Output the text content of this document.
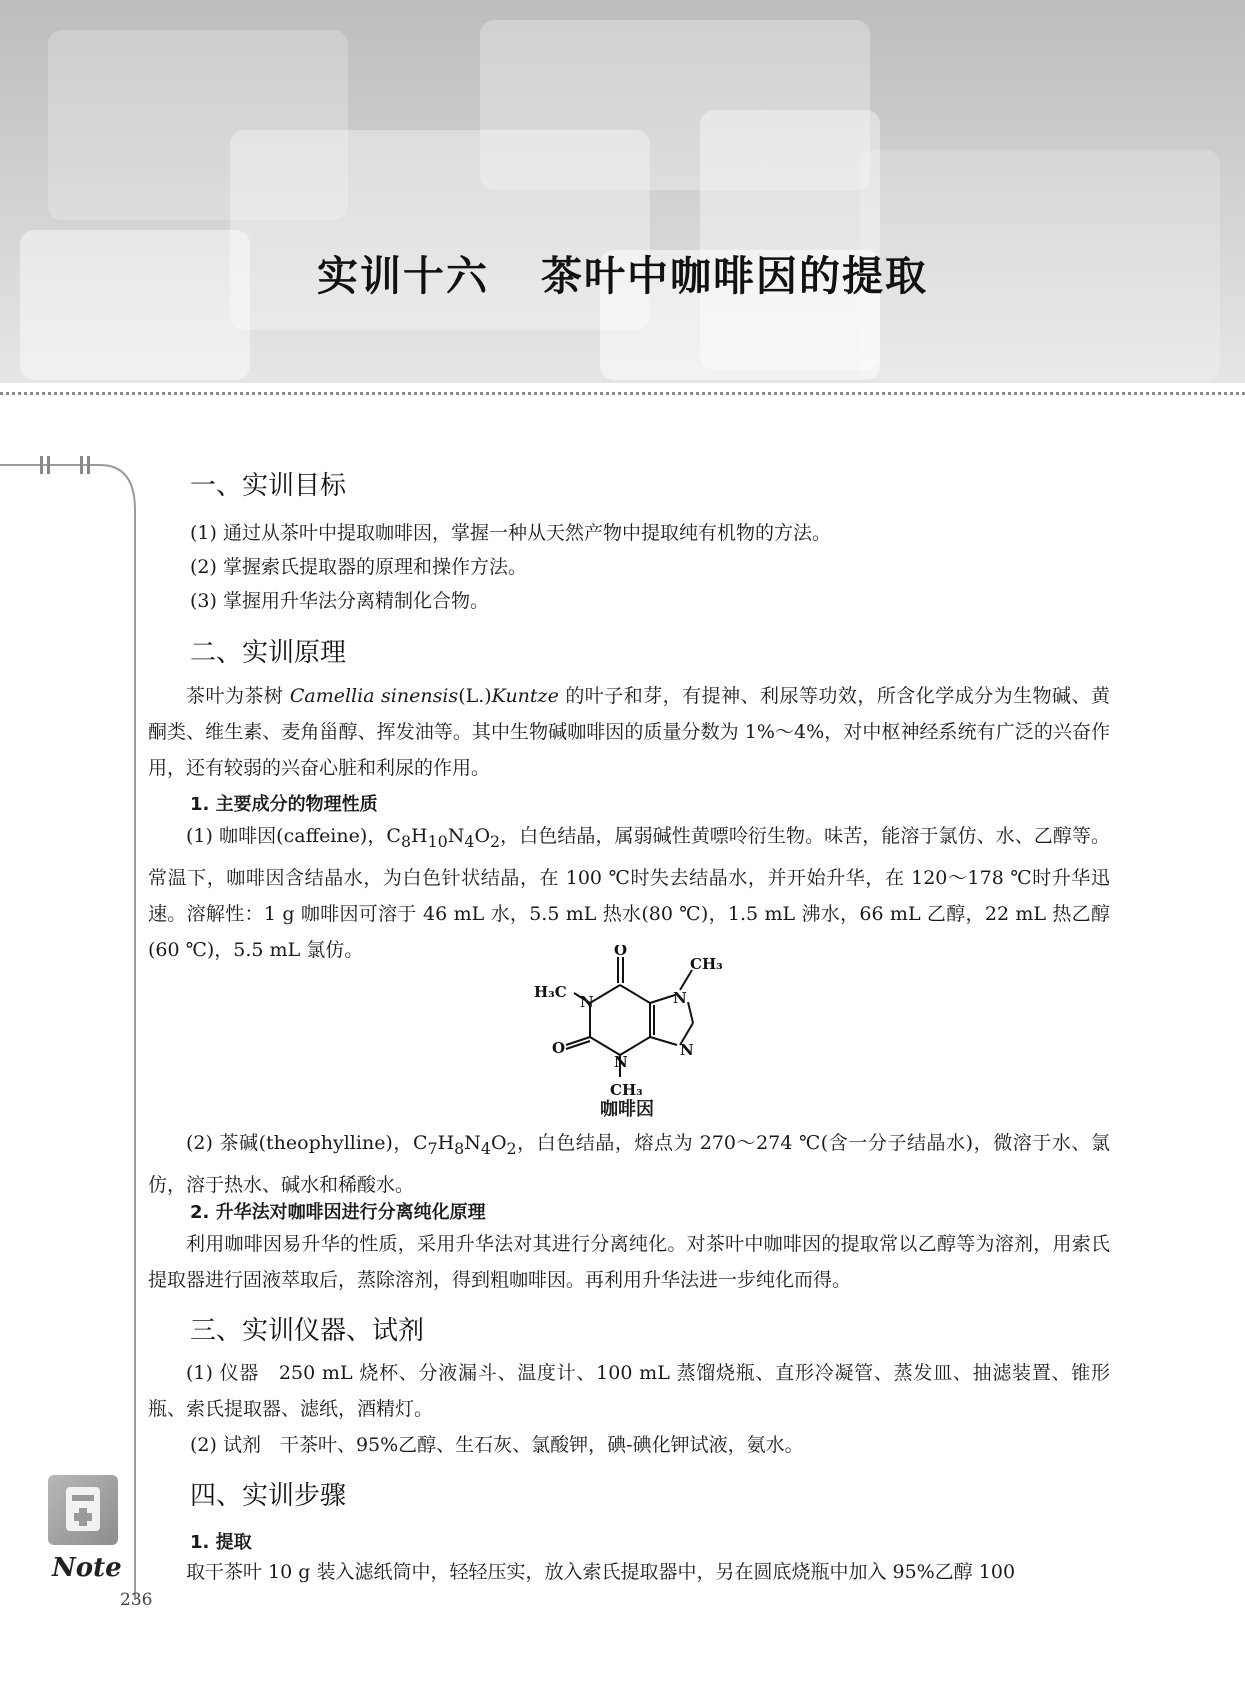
实训十六 茶叶中咖啡因的提取
Note
236
一、实训目标
(1) 通过从茶叶中提取咖啡因，掌握一种从天然产物中提取纯有机物的方法。
(2) 掌握索氏提取器的原理和操作方法。
(3) 掌握用升华法分离精制化合物。
二、实训原理
茶叶为茶树 Camellia sinensis(L.)Kuntze 的叶子和芽，有提神、利尿等功效，所含化学成分为生物碱、黄酮类、维生素、麦角甾醇、挥发油等。其中生物碱咖啡因的质量分数为 1%～4%，对中枢神经系统有广泛的兴奋作用，还有较弱的兴奋心脏和利尿的作用。
1. 主要成分的物理性质
(1) 咖啡因(caffeine)，$C_8H_{10}N_4O_2$，白色结晶，属弱碱性黄嘌呤衍生物。味苦，能溶于氯仿、水、乙醇等。常温下，咖啡因含结晶水，为白色针状结晶，在 100 ℃时失去结晶水，并开始升华，在 120～178 ℃时升华迅速。溶解性：1 g 咖啡因可溶于 46 mL 水，5.5 mL 热水(80 ℃)，1.5 mL 沸水，66 mL 乙醇，22 mL 热乙醇(60 ℃)，5.5 mL 氯仿。	O
CH₃
H₃C
N	N
N
N
O
CH₃
咖啡因
(2) 茶碱(theophylline)，$C_7H_8N_4O_2$，白色结晶，熔点为 270～274 ℃(含一分子结晶水)，微溶于水、氯仿，溶于热水、碱水和稀酸水。
2. 升华法对咖啡因进行分离纯化原理
利用咖啡因易升华的性质，采用升华法对其进行分离纯化。对茶叶中咖啡因的提取常以乙醇等为溶剂，用索氏提取器进行固液萃取后，蒸除溶剂，得到粗咖啡因。再利用升华法进一步纯化而得。
三、实训仪器、试剂
(1) 仪器　250 mL 烧杯、分液漏斗、温度计、100 mL 蒸馏烧瓶、直形冷凝管、蒸发皿、抽滤装置、锥形瓶、索氏提取器、滤纸，酒精灯。
(2) 试剂　干茶叶、95%乙醇、生石灰、氯酸钾，碘-碘化钾试液，氨水。
四、实训步骤
1. 提取
取干茶叶 10 g 装入滤纸筒中，轻轻压实，放入索氏提取器中，另在圆底烧瓶中加入 95%乙醇 100
